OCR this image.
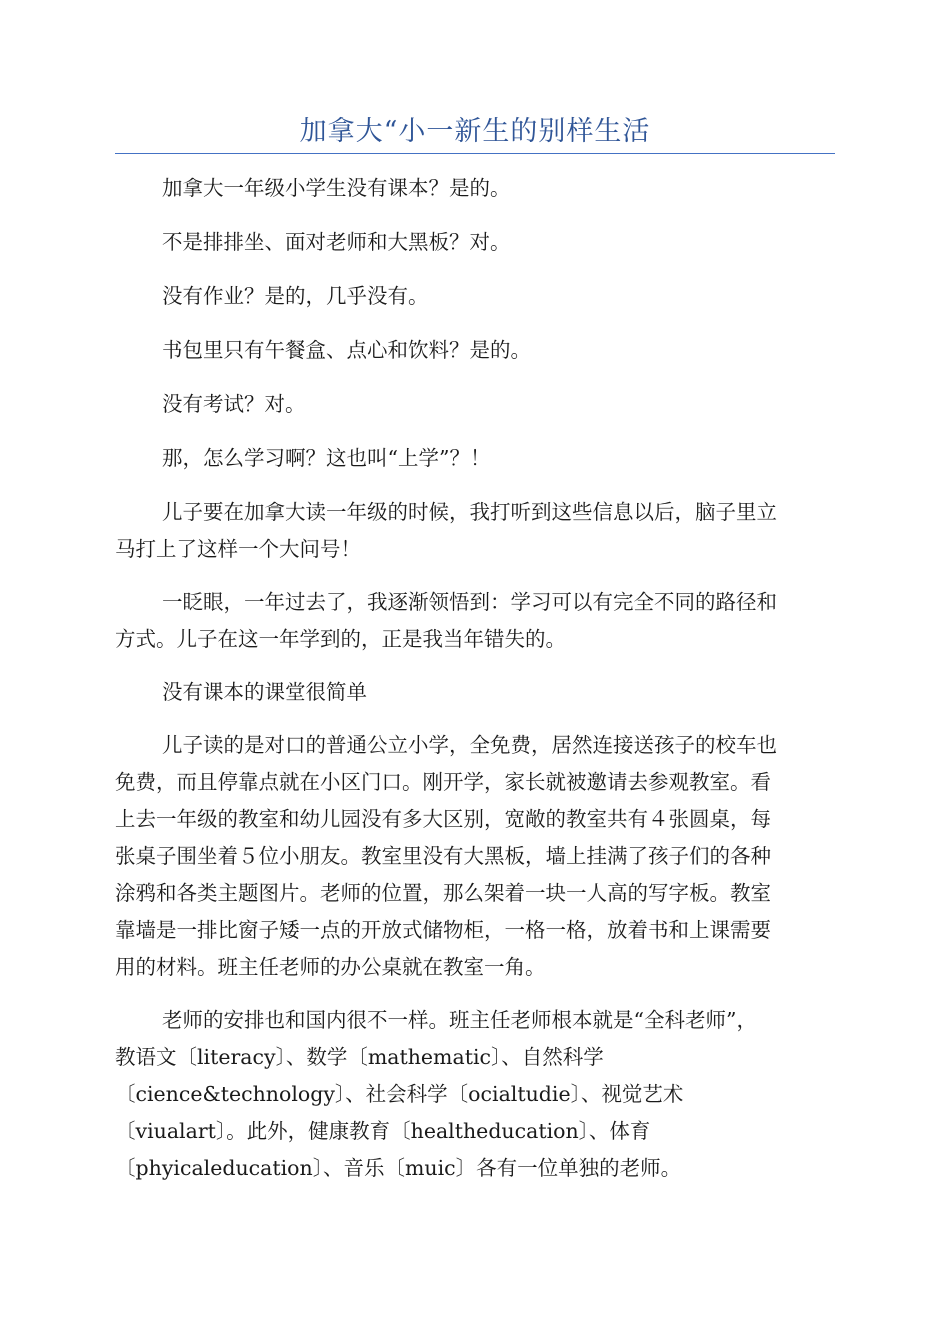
加拿大“小一新生的别样生活
加拿大一年级小学生没有课本？是的。
不是排排坐、面对老师和大黑板？对。
没有作业？是的，几乎没有。
书包里只有午餐盒、点心和饮料？是的。
没有考试？对。
那，怎么学习啊？这也叫“上学”？！
儿子要在加拿大读一年级的时候，我打听到这些信息以后，脑子里立
马打上了这样一个大问号！
一眨眼，一年过去了，我逐渐领悟到：学习可以有完全不同的路径和
方式。儿子在这一年学到的，正是我当年错失的。
没有课本的课堂很简单
儿子读的是对口的普通公立小学，全免费，居然连接送孩子的校车也
免费，而且停靠点就在小区门口。刚开学，家长就被邀请去参观教室。看
上去一年级的教室和幼儿园没有多大区别，宽敞的教室共有４张圆桌，每
张桌子围坐着５位小朋友。教室里没有大黑板，墙上挂满了孩子们的各种
涂鸦和各类主题图片。老师的位置，那么架着一块一人高的写字板。教室
靠墙是一排比窗子矮一点的开放式储物柜，一格一格，放着书和上课需要
用的材料。班主任老师的办公桌就在教室一角。
老师的安排也和国内很不一样。班主任老师根本就是“全科老师”，
教语文〔literacy〕、数学〔mathematic〕、自然科学
〔cience&technology〕、社会科学〔ocialtudie〕、视觉艺术
〔viualart〕。此外，健康教育〔healtheducation〕、体育
〔phyicaleducation〕、音乐〔muic〕各有一位单独的老师。
